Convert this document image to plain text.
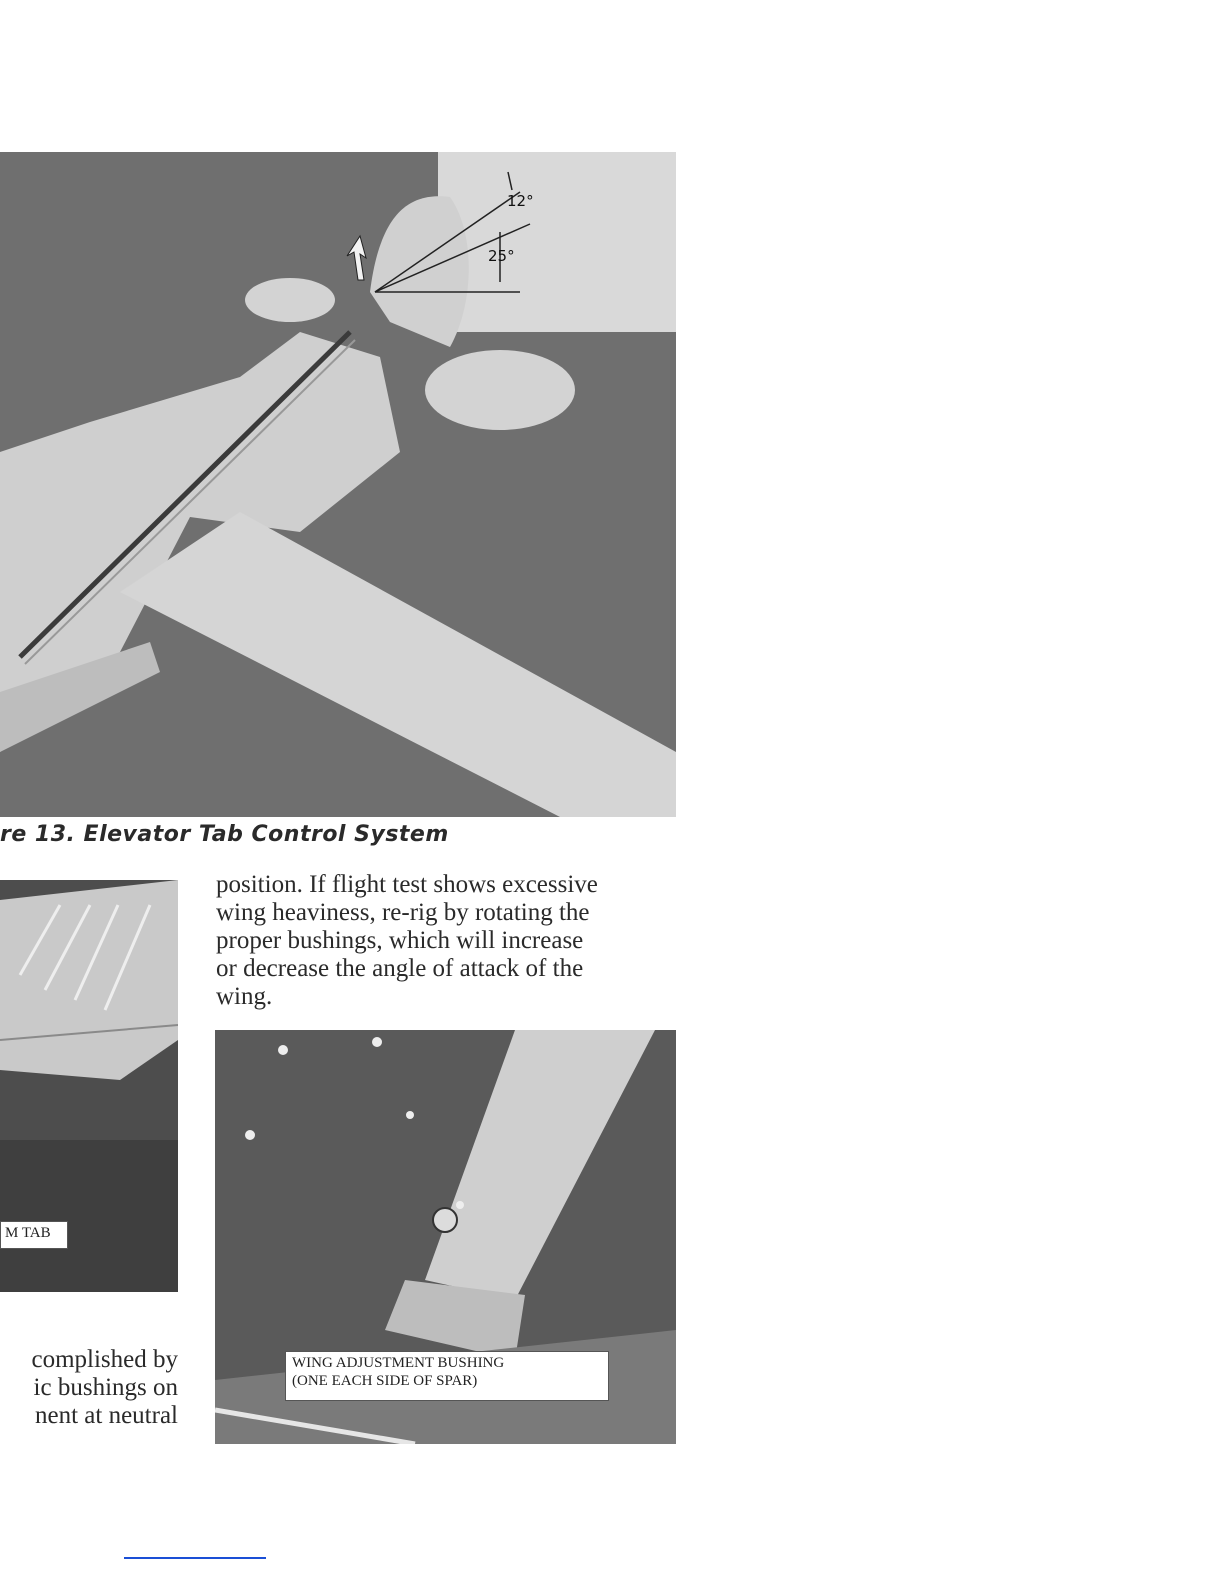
12°
25°
re 13. Elevator Tab Control System
M TAB
position. If flight test shows excessive
wing heaviness, re-rig by rotating the
proper bushings, which will increase
or decrease the angle of attack of the
wing.
WING ADJUSTMENT BUSHING
(ONE EACH SIDE OF SPAR)
complished by
ic bushings on
nent at neutral
